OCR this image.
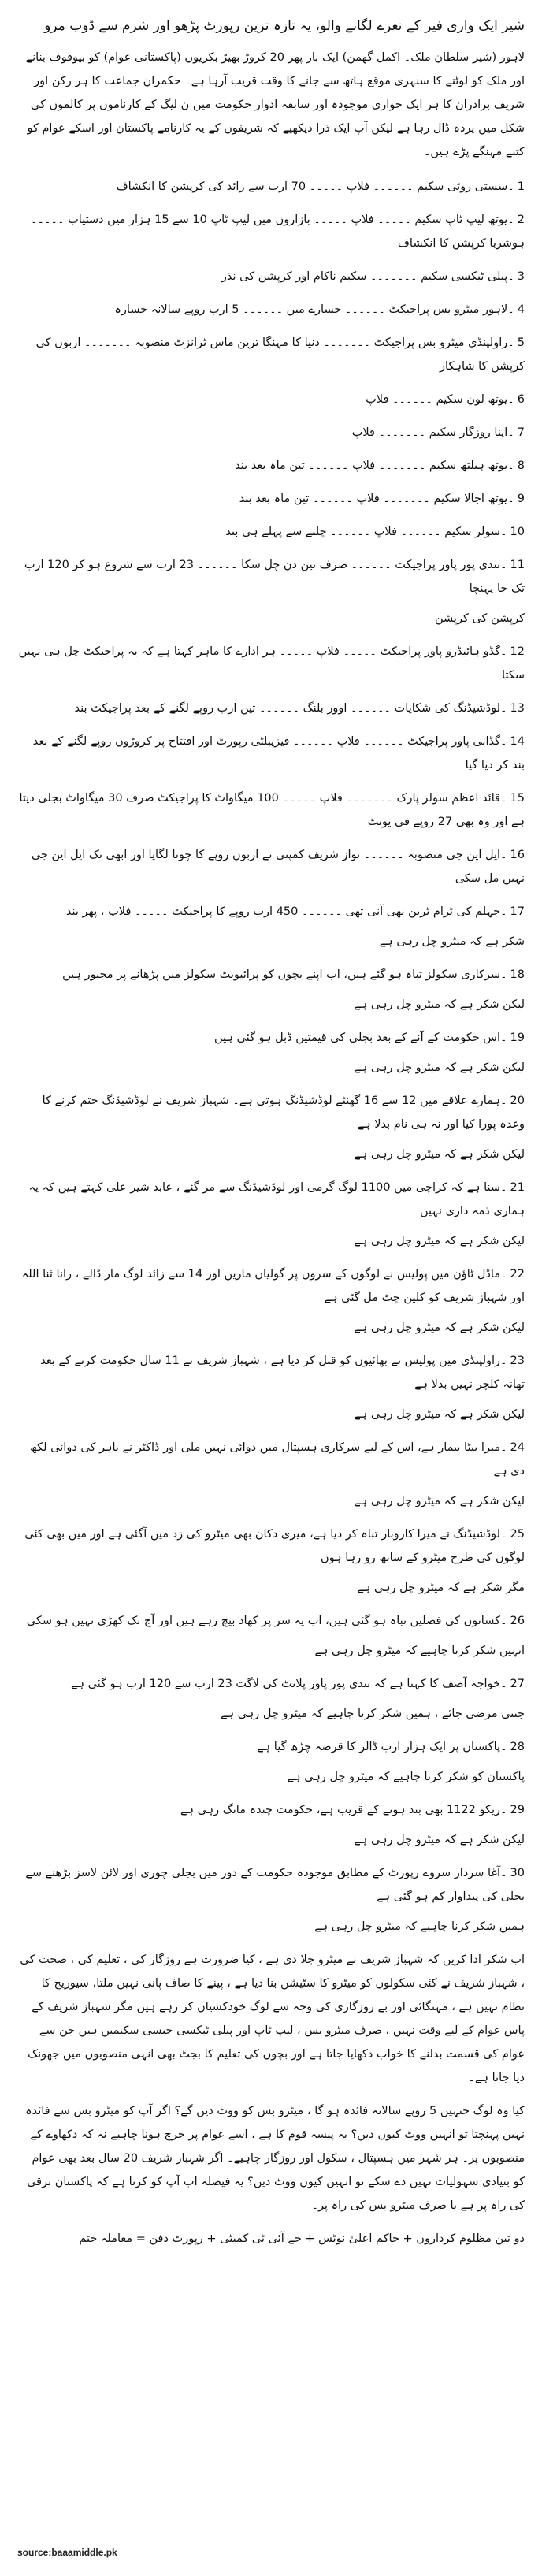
شیر ایک واری فیر کے نعرے لگانے والو، یہ تازہ ترین رپورٹ پڑھو اور شرم سے ڈوب مرو

لاہور (شیر سلطان ملک۔ اکمل گھمن) ایک بار پھر 20 کروڑ بھیڑ بکریوں (پاکستانی عوام) کو بیوقوف بنانے اور ملک کو لوٹنے کا سنہری موقع ہاتھ سے جانے کا وقت قریب آرہا ہے۔ حکمران جماعت کا ہر رکن اور شریف برادران کا ہر ایک حواری موجودہ اور سابقہ ادوار حکومت میں ن لیگ کے کارناموں پر کالموں کی شکل میں پردہ ڈال رہا ہے لیکن آپ ایک ذرا دیکھیے کہ شریفوں کے یہ کارنامے پاکستان اور اسکے عوام کو کتنے مہنگے پڑے ہیں۔

1۔سستی روٹی سکیم ۔۔۔۔۔۔ فلاپ ۔۔۔۔۔ 70 ارب سے زائد کی کرپشن کا انکشاف
2۔یوتھ لیپ ٹاپ سکیم ۔۔۔۔۔ فلاپ ۔۔۔۔۔ بازاروں میں لیپ ٹاپ 10 سے 15 ہزار میں دستیاب ۔۔۔۔۔ ہوشربا کرپشن کا انکشاف
3۔پیلی ٹیکسی سکیم ۔۔۔۔۔۔۔ سکیم ناکام اور کرپشن کی نذر
4۔لاہور میٹرو بس پراجیکٹ ۔۔۔۔۔۔ خسارے میں ۔۔۔۔۔۔ 5 ارب روپے سالانہ خسارہ
5۔راولپنڈی میٹرو بس پراجیکٹ ۔۔۔۔۔۔۔ دنیا کا مہنگا ترین ماس ٹرانزٹ منصوبہ ۔۔۔۔۔۔۔ اربوں کی کرپشن کا شاہکار
6۔یوتھ لون سکیم ۔۔۔۔۔۔ فلاپ
7۔اپنا روزگار سکیم ۔۔۔۔۔۔۔ فلاپ
8۔یوتھ ہیلتھ سکیم ۔۔۔۔۔۔۔ فلاپ ۔۔۔۔۔۔ تین ماہ بعد بند
9۔یوتھ اجالا سکیم ۔۔۔۔۔۔۔ فلاپ ۔۔۔۔۔۔ تین ماہ بعد بند
10۔سولر سکیم ۔۔۔۔۔۔ فلاپ ۔۔۔۔۔۔ چلنے سے پہلے ہی بند
11۔نندی پور پاور پراجیکٹ ۔۔۔۔۔۔ صرف تین دن چل سکا ۔۔۔۔۔۔ 23 ارب سے شروع ہو کر 120 ارب تک جا پہنچا
کرپشن کی کرپشن
12۔گڈو ہائیڈرو پاور پراجیکٹ ۔۔۔۔۔ فلاپ ۔۔۔۔۔ ہر ادارے کا ماہر کہتا ہے کہ یہ پراجیکٹ چل ہی نہیں سکتا
13۔لوڈشیڈنگ کی شکایات ۔۔۔۔۔۔ اوور بلنگ ۔۔۔۔۔۔ تین ارب روپے لگنے کے بعد پراجیکٹ بند
14۔گڈانی پاور پراجیکٹ ۔۔۔۔۔۔ فلاپ ۔۔۔۔۔۔ فیزیبلٹی رپورٹ اور افتتاح پر کروڑوں روپے لگنے کے بعد بند کر دیا گیا
15۔قائد اعظم سولر پارک ۔۔۔۔۔۔۔ فلاپ ۔۔۔۔۔ 100 میگاواٹ کا پراجیکٹ صرف 30 میگاواٹ بجلی دیتا ہے اور وہ بھی 27 روپے فی یونٹ
16۔ایل این جی منصوبہ ۔۔۔۔۔۔ نواز شریف کمپنی نے اربوں روپے کا چونا لگایا اور ابھی تک ایل این جی نہیں مل سکی
17۔جہلم کی ٹرام ٹرین بھی آنی تھی ۔۔۔۔۔۔ 450 ارب روپے کا پراجیکٹ ۔۔۔۔۔ فلاپ ، پھر بند
شکر ہے کہ میٹرو چل رہی ہے
18۔سرکاری سکولز تباہ ہو گئے ہیں، اب اپنے بچوں کو پرائیویٹ سکولز میں پڑھانے پر مجبور ہیں
لیکن شکر ہے کہ میٹرو چل رہی ہے
19۔اس حکومت کے آنے کے بعد بجلی کی قیمتیں ڈبل ہو گئی ہیں
لیکن شکر ہے کہ میٹرو چل رہی ہے
20۔ہمارے علاقے میں 12 سے 16 گھنٹے لوڈشیڈنگ ہوتی ہے۔ شہباز شریف نے لوڈشیڈنگ ختم کرنے کا وعدہ پورا کیا اور نہ ہی نام بدلا ہے
لیکن شکر ہے کہ میٹرو چل رہی ہے
21۔سنا ہے کہ کراچی میں 1100 لوگ گرمی اور لوڈشیڈنگ سے مر گئے ، عابد شیر علی کہتے ہیں کہ یہ ہماری ذمہ داری نہیں
لیکن شکر ہے کہ میٹرو چل رہی ہے
22۔ماڈل ٹاؤن میں پولیس نے لوگوں کے سروں پر گولیاں ماریں اور 14 سے زائد لوگ مار ڈالے ، رانا ثنا اللہ اور شہباز شریف کو کلین چٹ مل گئی ہے
لیکن شکر ہے کہ میٹرو چل رہی ہے
23۔راولپنڈی میں پولیس نے بھائیوں کو قتل کر دیا ہے ، شہباز شریف نے 11 سال حکومت کرنے کے بعد تھانہ کلچر نہیں بدلا ہے
لیکن شکر ہے کہ میٹرو چل رہی ہے
24۔میرا بیٹا بیمار ہے، اس کے لیے سرکاری ہسپتال میں دوائی نہیں ملی اور ڈاکٹر نے باہر کی دوائی لکھ دی ہے
لیکن شکر ہے کہ میٹرو چل رہی ہے
25۔لوڈشیڈنگ نے میرا کاروبار تباہ کر دیا ہے، میری دکان بھی میٹرو کی زد میں آگئی ہے اور میں بھی کئی لوگوں کی طرح میٹرو کے ساتھ رو رہا ہوں
مگر شکر ہے کہ میٹرو چل رہی ہے
26۔کسانوں کی فصلیں تباہ ہو گئی ہیں، اب یہ سر پر کھاد بیچ رہے ہیں اور آج تک کھڑی نہیں ہو سکی
انہیں شکر کرنا چاہیے کہ میٹرو چل رہی ہے
27۔خواجہ آصف کا کہنا ہے کہ نندی پور پاور پلانٹ کی لاگت 23 ارب سے 120 ارب ہو گئی ہے
جتنی مرضی جائے ، ہمیں شکر کرنا چاہیے کہ میٹرو چل رہی ہے
28۔پاکستان پر ایک ہزار ارب ڈالر کا قرضہ چڑھ گیا ہے
پاکستان کو شکر کرنا چاہیے کہ میٹرو چل رہی ہے
29۔ریکو 1122 بھی بند ہونے کے قریب ہے، حکومت چندہ مانگ رہی ہے
لیکن شکر ہے کہ میٹرو چل رہی ہے
30۔آغا سردار سروے رپورٹ کے مطابق موجودہ حکومت کے دور میں بجلی چوری اور لائن لاسز بڑھنے سے بجلی کی پیداوار کم ہو گئی ہے
ہمیں شکر کرنا چاہیے کہ میٹرو چل رہی ہے

اب شکر ادا کریں کہ شہباز شریف نے میٹرو چلا دی ہے ، کیا ضرورت ہے روزگار کی ، تعلیم کی ، صحت کی ، شہباز شریف نے کئی سکولوں کو میٹرو کا سٹیشن بنا دیا ہے ، پینے کا صاف پانی نہیں ملتا، سیوریج کا نظام نہیں ہے ، مہنگائی اور بے روزگاری کی وجہ سے لوگ خودکشیاں کر رہے ہیں مگر شہباز شریف کے پاس عوام کے لیے وقت نہیں ، صرف میٹرو بس ، لیپ ٹاپ اور پیلی ٹیکسی جیسی سکیمیں ہیں جن سے عوام کی قسمت بدلنے کا خواب دکھایا جاتا ہے اور بچوں کی تعلیم کا بجٹ بھی انہی منصوبوں میں جھونک دیا جاتا ہے۔

کیا وہ لوگ جنہیں 5 روپے سالانہ فائدہ ہو گا ، میٹرو بس کو ووٹ دیں گے؟ اگر آپ کو میٹرو بس سے فائدہ نہیں پہنچتا تو انہیں ووٹ کیوں دیں؟ یہ پیسہ قوم کا ہے ، اسے عوام پر خرچ ہونا چاہیے نہ کہ دکھاوے کے منصوبوں پر۔ ہر شہر میں ہسپتال ، سکول اور روزگار چاہیے۔ اگر شہباز شریف 20 سال بعد بھی عوام کو بنیادی سہولیات نہیں دے سکے تو انہیں کیوں ووٹ دیں؟ یہ فیصلہ اب آپ کو کرنا ہے کہ پاکستان ترقی کی راہ پر ہے یا صرف میٹرو بس کی راہ پر۔

دو تین مظلوم کرداروں + حاکم اعلیٰ نوٹس + جے آئی ٹی کمیٹی + رپورٹ دفن = معاملہ ختم

source:baaamiddle.pk
